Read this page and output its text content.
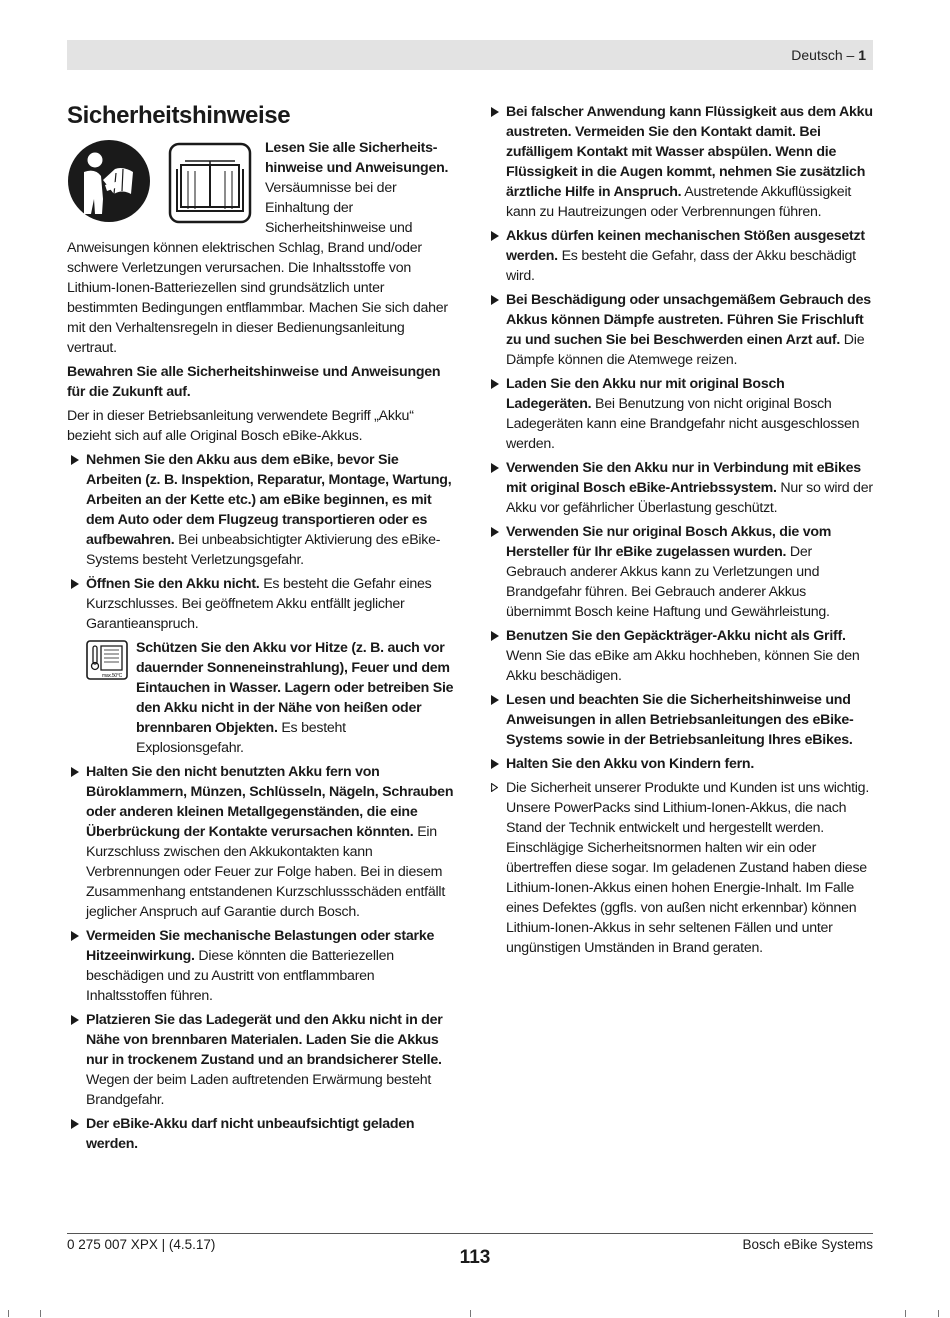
Deutsch – 1
Sicherheitshinweise

Lesen Sie alle Sicherheitshinweise und Anweisungen. Versäumnisse bei der Einhaltung der Sicherheitshinweise und Anweisungen können elektrischen Schlag, Brand und/oder schwere Verletzungen verursachen. Die Inhaltsstoffe von Lithium-Ionen-Batteriezellen sind grundsätzlich unter bestimmten Bedingungen entflammbar. Machen Sie sich daher mit den Verhaltensregeln in dieser Bedienungsanleitung vertraut.

Bewahren Sie alle Sicherheitshinweise und Anweisungen für die Zukunft auf.

Der in dieser Betriebsanleitung verwendete Begriff „Akku“ bezieht sich auf alle Original Bosch eBike-Akkus.

Nehmen Sie den Akku aus dem eBike, bevor Sie Arbeiten (z. B. Inspektion, Reparatur, Montage, Wartung, Arbeiten an der Kette etc.) am eBike beginnen, es mit dem Auto oder dem Flugzeug transportieren oder es aufbewahren. Bei unbeabsichtigter Aktivierung des eBike-Systems besteht Verletzungsgefahr.
Öffnen Sie den Akku nicht. Es besteht die Gefahr eines Kurzschlusses. Bei geöffnetem Akku entfällt jeglicher Garantieanspruch.
max.50°C
Schützen Sie den Akku vor Hitze (z. B. auch vor dauernder Sonneneinstrahlung), Feuer und dem Eintauchen in Wasser. Lagern oder betreiben Sie den Akku nicht in der Nähe von heißen oder brennbaren Objekten. Es besteht Explosionsgefahr.
Halten Sie den nicht benutzten Akku fern von Büroklammern, Münzen, Schlüsseln, Nägeln, Schrauben oder anderen kleinen Metallgegenständen, die eine Überbrückung der Kontakte verursachen könnten. Ein Kurzschluss zwischen den Akkukontakten kann Verbrennungen oder Feuer zur Folge haben. Bei in diesem Zusammenhang entstandenen Kurzschlussschäden entfällt jeglicher Anspruch auf Garantie durch Bosch.
Vermeiden Sie mechanische Belastungen oder starke Hitzeeinwirkung. Diese könnten die Batteriezellen beschädigen und zu Austritt von entflammbaren Inhaltsstoffen führen.
Platzieren Sie das Ladegerät und den Akku nicht in der Nähe von brennbaren Materialen. Laden Sie die Akkus nur in trockenem Zustand und an brandsicherer Stelle. Wegen der beim Laden auftretenden Erwärmung besteht Brandgefahr.
Der eBike-Akku darf nicht unbeaufsichtigt geladen werden.
Bei falscher Anwendung kann Flüssigkeit aus dem Akku austreten. Vermeiden Sie den Kontakt damit. Bei zufälligem Kontakt mit Wasser abspülen. Wenn die Flüssigkeit in die Augen kommt, nehmen Sie zusätzlich ärztliche Hilfe in Anspruch. Austretende Akkuflüssigkeit kann zu Hautreizungen oder Verbrennungen führen.
Akkus dürfen keinen mechanischen Stößen ausgesetzt werden. Es besteht die Gefahr, dass der Akku beschädigt wird.
Bei Beschädigung oder unsachgemäßem Gebrauch des Akkus können Dämpfe austreten. Führen Sie Frischluft zu und suchen Sie bei Beschwerden einen Arzt auf. Die Dämpfe können die Atemwege reizen.
Laden Sie den Akku nur mit original Bosch Ladegeräten. Bei Benutzung von nicht original Bosch Ladegeräten kann eine Brandgefahr nicht ausgeschlossen werden.
Verwenden Sie den Akku nur in Verbindung mit eBikes mit original Bosch eBike-Antriebssystem. Nur so wird der Akku vor gefährlicher Überlastung geschützt.
Verwenden Sie nur original Bosch Akkus, die vom Hersteller für Ihr eBike zugelassen wurden. Der Gebrauch anderer Akkus kann zu Verletzungen und Brandgefahr führen. Bei Gebrauch anderer Akkus übernimmt Bosch keine Haftung und Gewährleistung.
Benutzen Sie den Gepäckträger-Akku nicht als Griff. Wenn Sie das eBike am Akku hochheben, können Sie den Akku beschädigen.
Lesen und beachten Sie die Sicherheitshinweise und Anweisungen in allen Betriebsanleitungen des eBike-Systems sowie in der Betriebsanleitung Ihres eBikes.
Halten Sie den Akku von Kindern fern.
Die Sicherheit unserer Produkte und Kunden ist uns wichtig. Unsere PowerPacks sind Lithium-Ionen-Akkus, die nach Stand der Technik entwickelt und hergestellt werden. Einschlägige Sicherheitsnormen halten wir ein oder übertreffen diese sogar. Im geladenen Zustand haben diese Lithium-Ionen-Akkus einen hohen Energie-Inhalt. Im Falle eines Defektes (ggfls. von außen nicht erkennbar) können Lithium-Ionen-Akkus in sehr seltenen Fällen und unter ungünstigen Umständen in Brand geraten.
0 275 007 XPX | (4.5.17)	Bosch eBike Systems
113
